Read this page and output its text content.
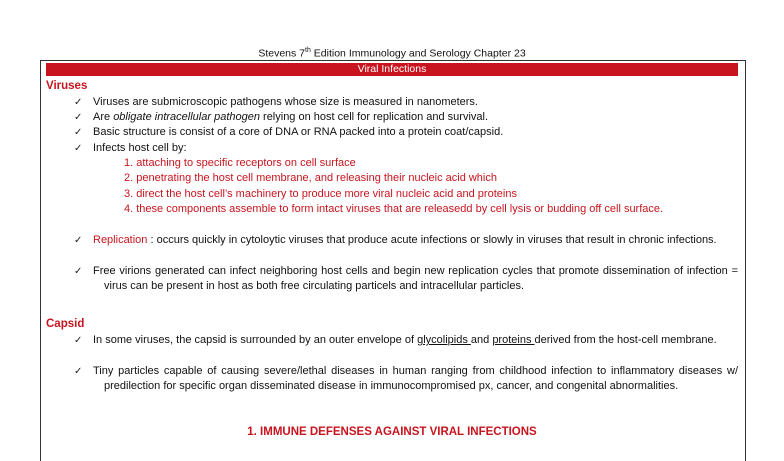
Stevens 7th Edition Immunology and Serology Chapter 23
Viral Infections
Viruses
✓ Viruses are submicroscopic pathogens whose size is measured in nanometers.
✓ Are obligate intracellular pathogen relying on host cell for replication and survival.
✓ Basic structure is consist of a core of DNA or RNA packed into a protein coat/capsid.
✓ Infects host cell by:
1. attaching to specific receptors on cell surface
2. penetrating the host cell membrane, and releasing their nucleic acid which
3. direct the host cell’s machinery to produce more viral nucleic acid and proteins
4. these components assemble to form intact viruses that are releasedd by cell lysis or budding off cell surface.
✓ Replication : occurs quickly in cytoloytic viruses that produce acute infections or slowly in viruses that result in chronic infections.
✓ Free virions generated can infect neighboring host cells and begin new replication cycles that promote dissemination of infection = virus can be present in host as both free circulating particels and intracellular particles.
Capsid
✓ In some viruses, the capsid is surrounded by an outer envelope of glycolipids and proteins derived from the host-cell membrane.
✓ Tiny particles capable of causing severe/lethal diseases in human ranging from childhood infection to inflammatory diseases w/ predilection for specific organ disseminated disease in immunocompromised px, cancer, and congenital abnormalities.
1. IMMUNE DEFENSES AGAINST VIRAL INFECTIONS
